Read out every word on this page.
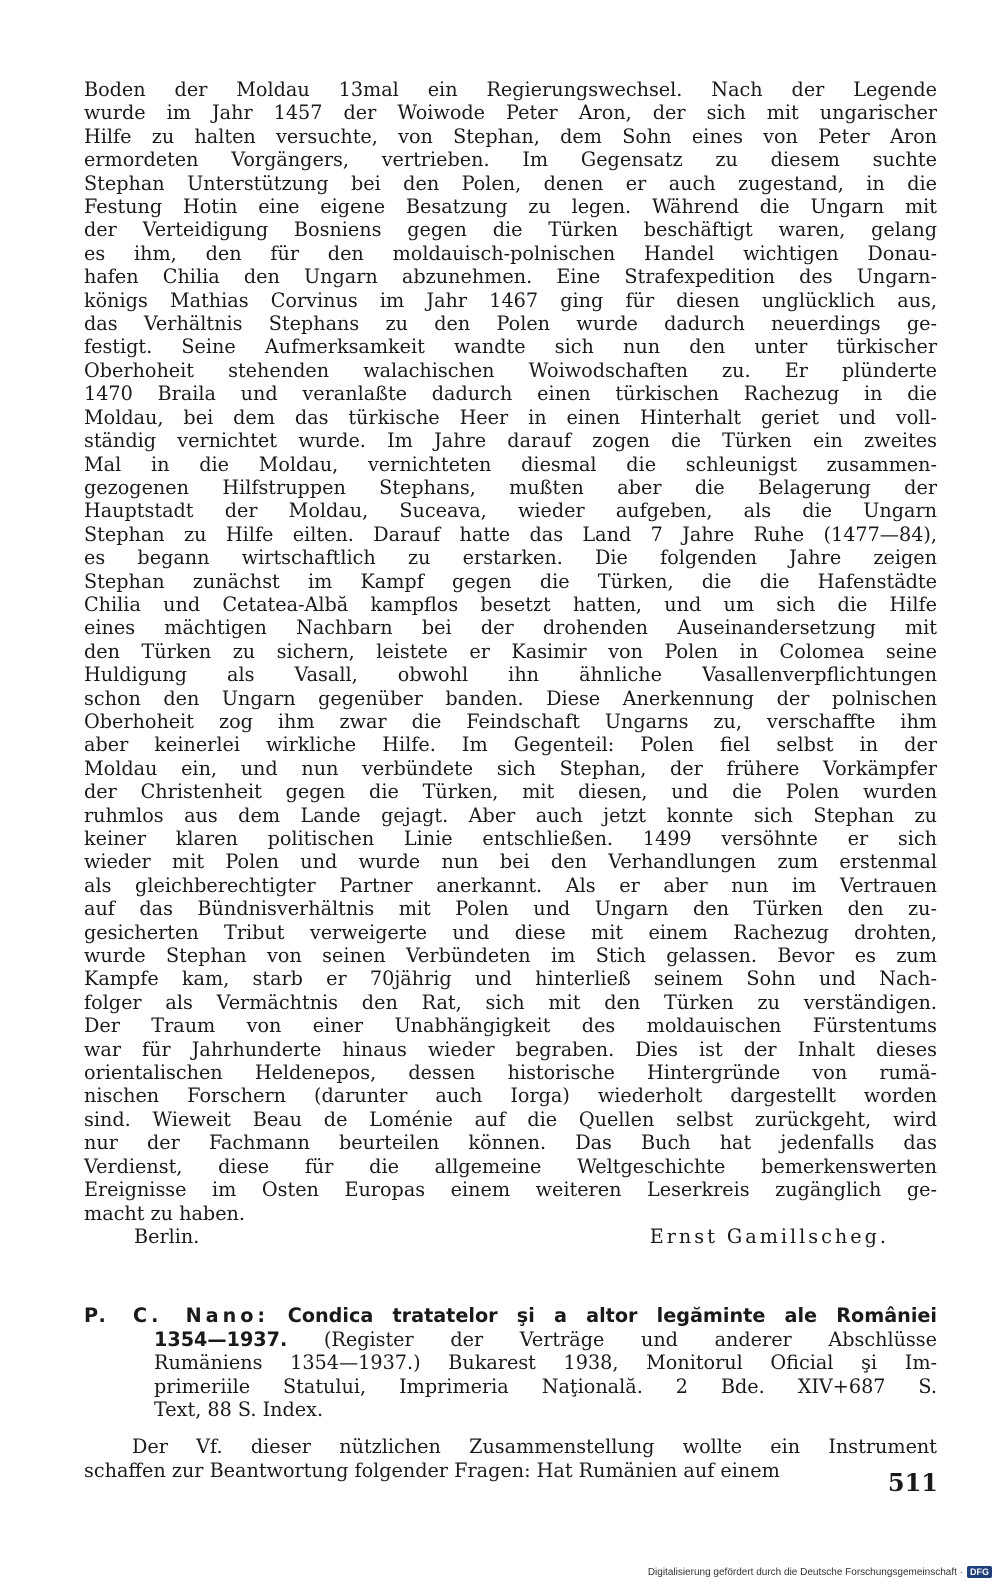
Boden der Moldau 13mal ein Regierungswechsel. Nach der Legende
wurde im Jahr 1457 der Woiwode Peter Aron, der sich mit ungarischer
Hilfe zu halten versuchte, von Stephan, dem Sohn eines von Peter Aron
ermordeten Vorgängers, vertrieben. Im Gegensatz zu diesem suchte
Stephan Unterstützung bei den Polen, denen er auch zugestand, in die
Festung Hotin eine eigene Besatzung zu legen. Während die Ungarn mit
der Verteidigung Bosniens gegen die Türken beschäftigt waren, gelang
es ihm, den für den moldauisch-polnischen Handel wichtigen Donau-
hafen Chilia den Ungarn abzunehmen. Eine Strafexpedition des Ungarn-
königs Mathias Corvinus im Jahr 1467 ging für diesen unglücklich aus,
das Verhältnis Stephans zu den Polen wurde dadurch neuerdings ge-
festigt. Seine Aufmerksamkeit wandte sich nun den unter türkischer
Oberhoheit stehenden walachischen Woiwodschaften zu. Er plünderte
1470 Braila und veranlaßte dadurch einen türkischen Rachezug in die
Moldau, bei dem das türkische Heer in einen Hinterhalt geriet und voll-
ständig vernichtet wurde. Im Jahre darauf zogen die Türken ein zweites
Mal in die Moldau, vernichteten diesmal die schleunigst zusammen-
gezogenen Hilfstruppen Stephans, mußten aber die Belagerung der
Hauptstadt der Moldau, Suceava, wieder aufgeben, als die Ungarn
Stephan zu Hilfe eilten. Darauf hatte das Land 7 Jahre Ruhe (1477—84),
es begann wirtschaftlich zu erstarken. Die folgenden Jahre zeigen
Stephan zunächst im Kampf gegen die Türken, die die Hafenstädte
Chilia und Cetatea-Albă kampflos besetzt hatten, und um sich die Hilfe
eines mächtigen Nachbarn bei der drohenden Auseinandersetzung mit
den Türken zu sichern, leistete er Kasimir von Polen in Colomea seine
Huldigung als Vasall, obwohl ihn ähnliche Vasallenverpflichtungen
schon den Ungarn gegenüber banden. Diese Anerkennung der polnischen
Oberhoheit zog ihm zwar die Feindschaft Ungarns zu, verschaffte ihm
aber keinerlei wirkliche Hilfe. Im Gegenteil: Polen fiel selbst in der
Moldau ein, und nun verbündete sich Stephan, der frühere Vorkämpfer
der Christenheit gegen die Türken, mit diesen, und die Polen wurden
ruhmlos aus dem Lande gejagt. Aber auch jetzt konnte sich Stephan zu
keiner klaren politischen Linie entschließen. 1499 versöhnte er sich
wieder mit Polen und wurde nun bei den Verhandlungen zum erstenmal
als gleichberechtigter Partner anerkannt. Als er aber nun im Vertrauen
auf das Bündnisverhältnis mit Polen und Ungarn den Türken den zu-
gesicherten Tribut verweigerte und diese mit einem Rachezug drohten,
wurde Stephan von seinen Verbündeten im Stich gelassen. Bevor es zum
Kampfe kam, starb er 70jährig und hinterließ seinem Sohn und Nach-
folger als Vermächtnis den Rat, sich mit den Türken zu verständigen.
Der Traum von einer Unabhängigkeit des moldauischen Fürstentums
war für Jahrhunderte hinaus wieder begraben. Dies ist der Inhalt dieses
orientalischen Heldenepos, dessen historische Hintergründe von rumä-
nischen Forschern (darunter auch Iorga) wiederholt dargestellt worden
sind. Wieweit Beau de Loménie auf die Quellen selbst zurückgeht, wird
nur der Fachmann beurteilen können. Das Buch hat jedenfalls das
Verdienst, diese für die allgemeine Weltgeschichte bemerkenswerten
Ereignisse im Osten Europas einem weiteren Leserkreis zugänglich ge-
macht zu haben.

Berlin.	Ernst Gamillscheg.
P. C. Nano: Condica tratatelor şi a altor legăminte ale României
1354—1937. (Register der Verträge und anderer Abschlüsse
Rumäniens 1354—1937.) Bukarest 1938, Monitorul Oficial şi Im-
primeriile Statului, Imprimeria Naţională. 2 Bde. XIV+687 S.
Text, 88 S. Index.

Der Vf. dieser nützlichen Zusammenstellung wollte ein Instrument
schaffen zur Beantwortung folgender Fragen: Hat Rumänien auf einem	511
Digitalisierung gefördert durch die Deutsche Forschungsgemeinschaft · DFG
